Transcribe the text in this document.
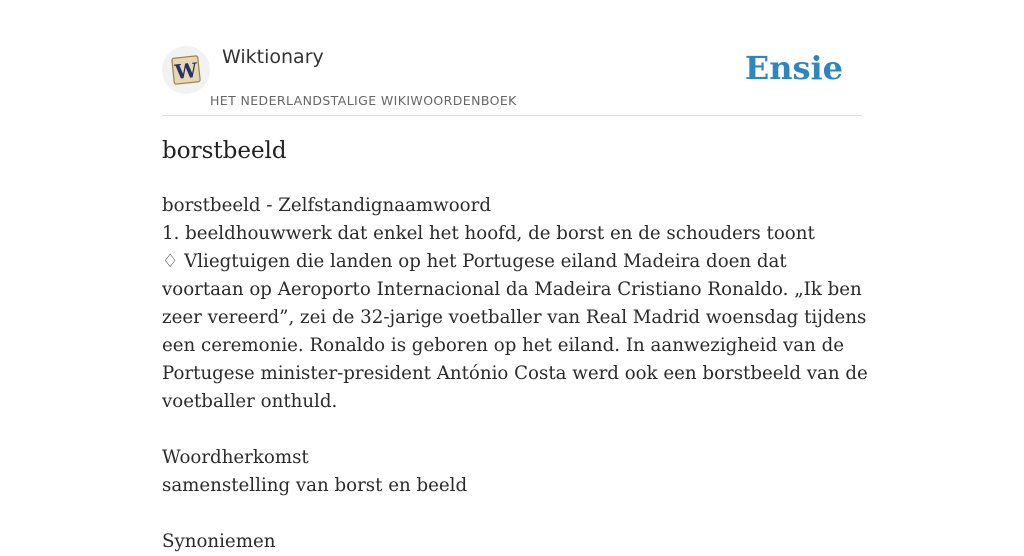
W
Wiktionary
HET NEDERLANDSTALIGE WIKIWOORDENBOEK
Ensie
borstbeeld

borstbeeld - Zelfstandignaamwoord

1. beeldhouwwerk dat enkel het hoofd, de borst en de schouders toont

♢ Vliegtuigen die landen op het Portugese eiland Madeira doen dat voortaan op Aeroporto Internacional da Madeira Cristiano Ronaldo. „Ik ben zeer vereerd”, zei de 32-jarige voetballer van Real Madrid woensdag tijdens een ceremonie. Ronaldo is geboren op het eiland. In aanwezigheid van de Portugese minister-president António Costa werd ook een borstbeeld van de voetballer onthuld.

Woordherkomst

samenstelling van borst en beeld

Synoniemen
